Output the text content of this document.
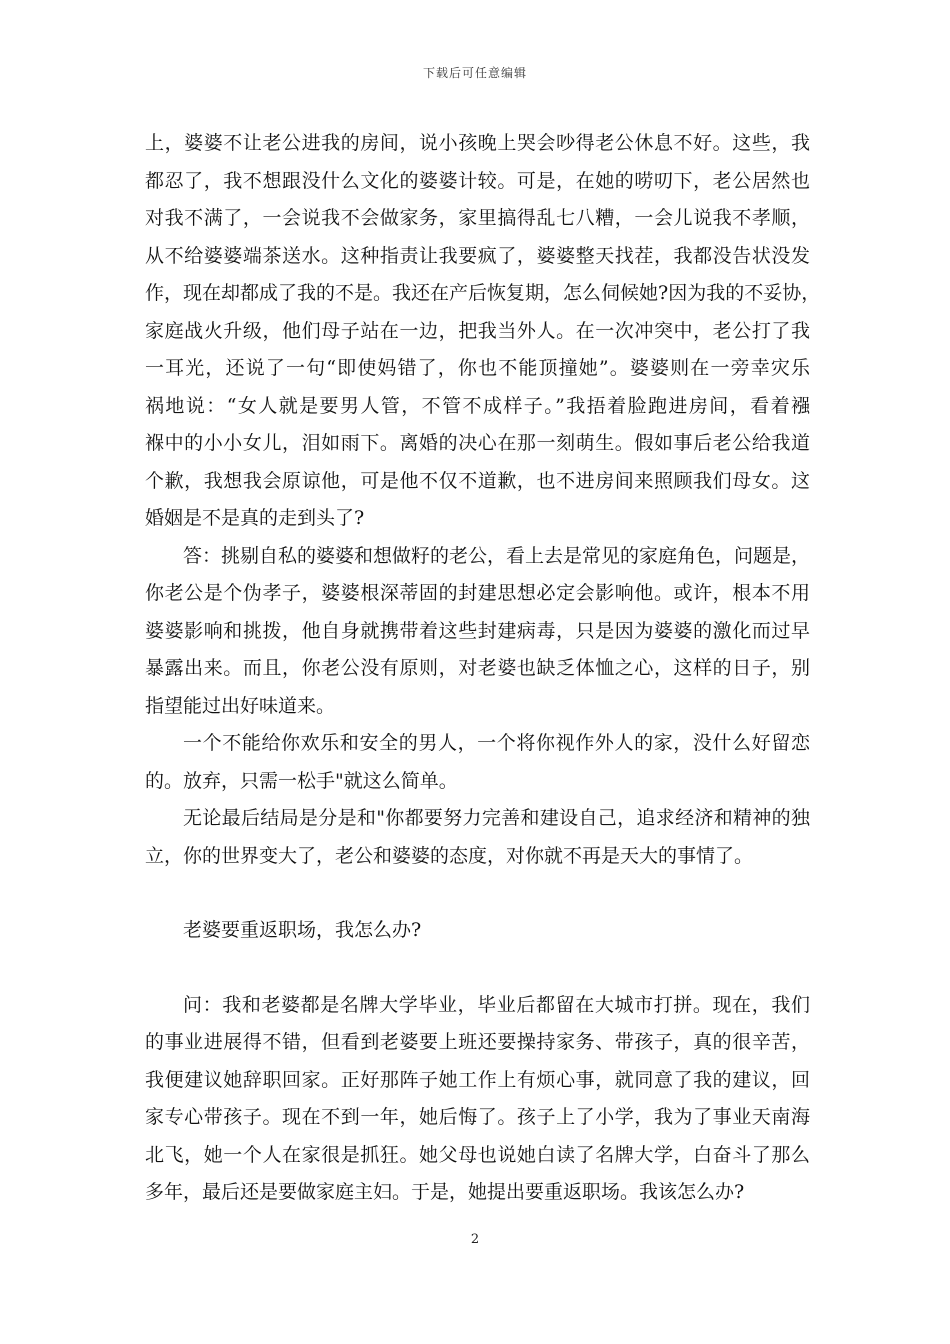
下载后可任意编辑
上，婆婆不让老公进我的房间，说小孩晚上哭会吵得老公休息不好。这些，我
都忍了，我不想跟没什么文化的婆婆计较。可是，在她的唠叨下，老公居然也
对我不满了，一会说我不会做家务，家里搞得乱七八糟，一会儿说我不孝顺，
从不给婆婆端茶送水。这种指责让我要疯了，婆婆整天找茬，我都没告状没发
作，现在却都成了我的不是。我还在产后恢复期，怎么伺候她?因为我的不妥协，
家庭战火升级，他们母子站在一边，把我当外人。在一次冲突中，老公打了我
一耳光，还说了一句“即使妈错了，你也不能顶撞她”。婆婆则在一旁幸灾乐
祸地说：“女人就是要男人管，不管不成样子。”我捂着脸跑进房间，看着襁
褓中的小小女儿，泪如雨下。离婚的决心在那一刻萌生。假如事后老公给我道
个歉，我想我会原谅他，可是他不仅不道歉，也不进房间来照顾我们母女。这
婚姻是不是真的走到头了?
答：挑剔自私的婆婆和想做籽的老公，看上去是常见的家庭角色，问题是，
你老公是个伪孝子，婆婆根深蒂固的封建思想必定会影响他。或许，根本不用
婆婆影响和挑拨，他自身就携带着这些封建病毒，只是因为婆婆的激化而过早
暴露出来。而且，你老公没有原则，对老婆也缺乏体恤之心，这样的日子，别
指望能过出好味道来。
一个不能给你欢乐和安全的男人，一个将你视作外人的家，没什么好留恋
的。放弃，只需一松手"就这么简单。
无论最后结局是分是和"你都要努力完善和建设自己，追求经济和精神的独
立，你的世界变大了，老公和婆婆的态度，对你就不再是天大的事情了。
老婆要重返职场，我怎么办?
问：我和老婆都是名牌大学毕业，毕业后都留在大城市打拼。现在，我们
的事业进展得不错，但看到老婆要上班还要操持家务、带孩子，真的很辛苦，
我便建议她辞职回家。正好那阵子她工作上有烦心事，就同意了我的建议，回
家专心带孩子。现在不到一年，她后悔了。孩子上了小学，我为了事业天南海
北飞，她一个人在家很是抓狂。她父母也说她白读了名牌大学，白奋斗了那么
多年，最后还是要做家庭主妇。于是，她提出要重返职场。我该怎么办?
2
